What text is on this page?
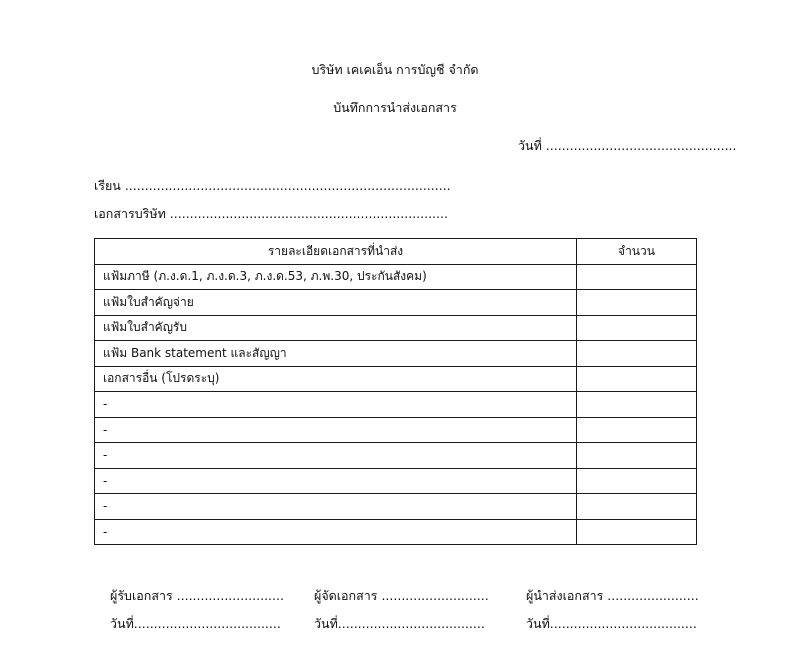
บริษัท เคเคเอ็น การบัญชี จำกัด
บันทึกการนำส่งเอกสาร
วันที่ ................................................
เรียน ..................................................................................
เอกสารบริษัท ......................................................................
รายละเอียดเอกสารที่นำส่ง	จำนวน
แฟ้มภาษี (ภ.ง.ด.1, ภ.ง.ด.3, ภ.ง.ด.53, ภ.พ.30, ประกันสังคม)	
แฟ้มใบสำคัญจ่าย	
แฟ้มใบสำคัญรับ	
แฟ้ม Bank statement และสัญญา	
เอกสารอื่น (โปรดระบุ)	
-	
-	
-	
-	
-	
-	
ผู้รับเอกสาร ...........................
วันที่.....................................
ผู้จัดเอกสาร ...........................
วันที่.....................................
ผู้นำส่งเอกสาร .......................
วันที่.....................................
